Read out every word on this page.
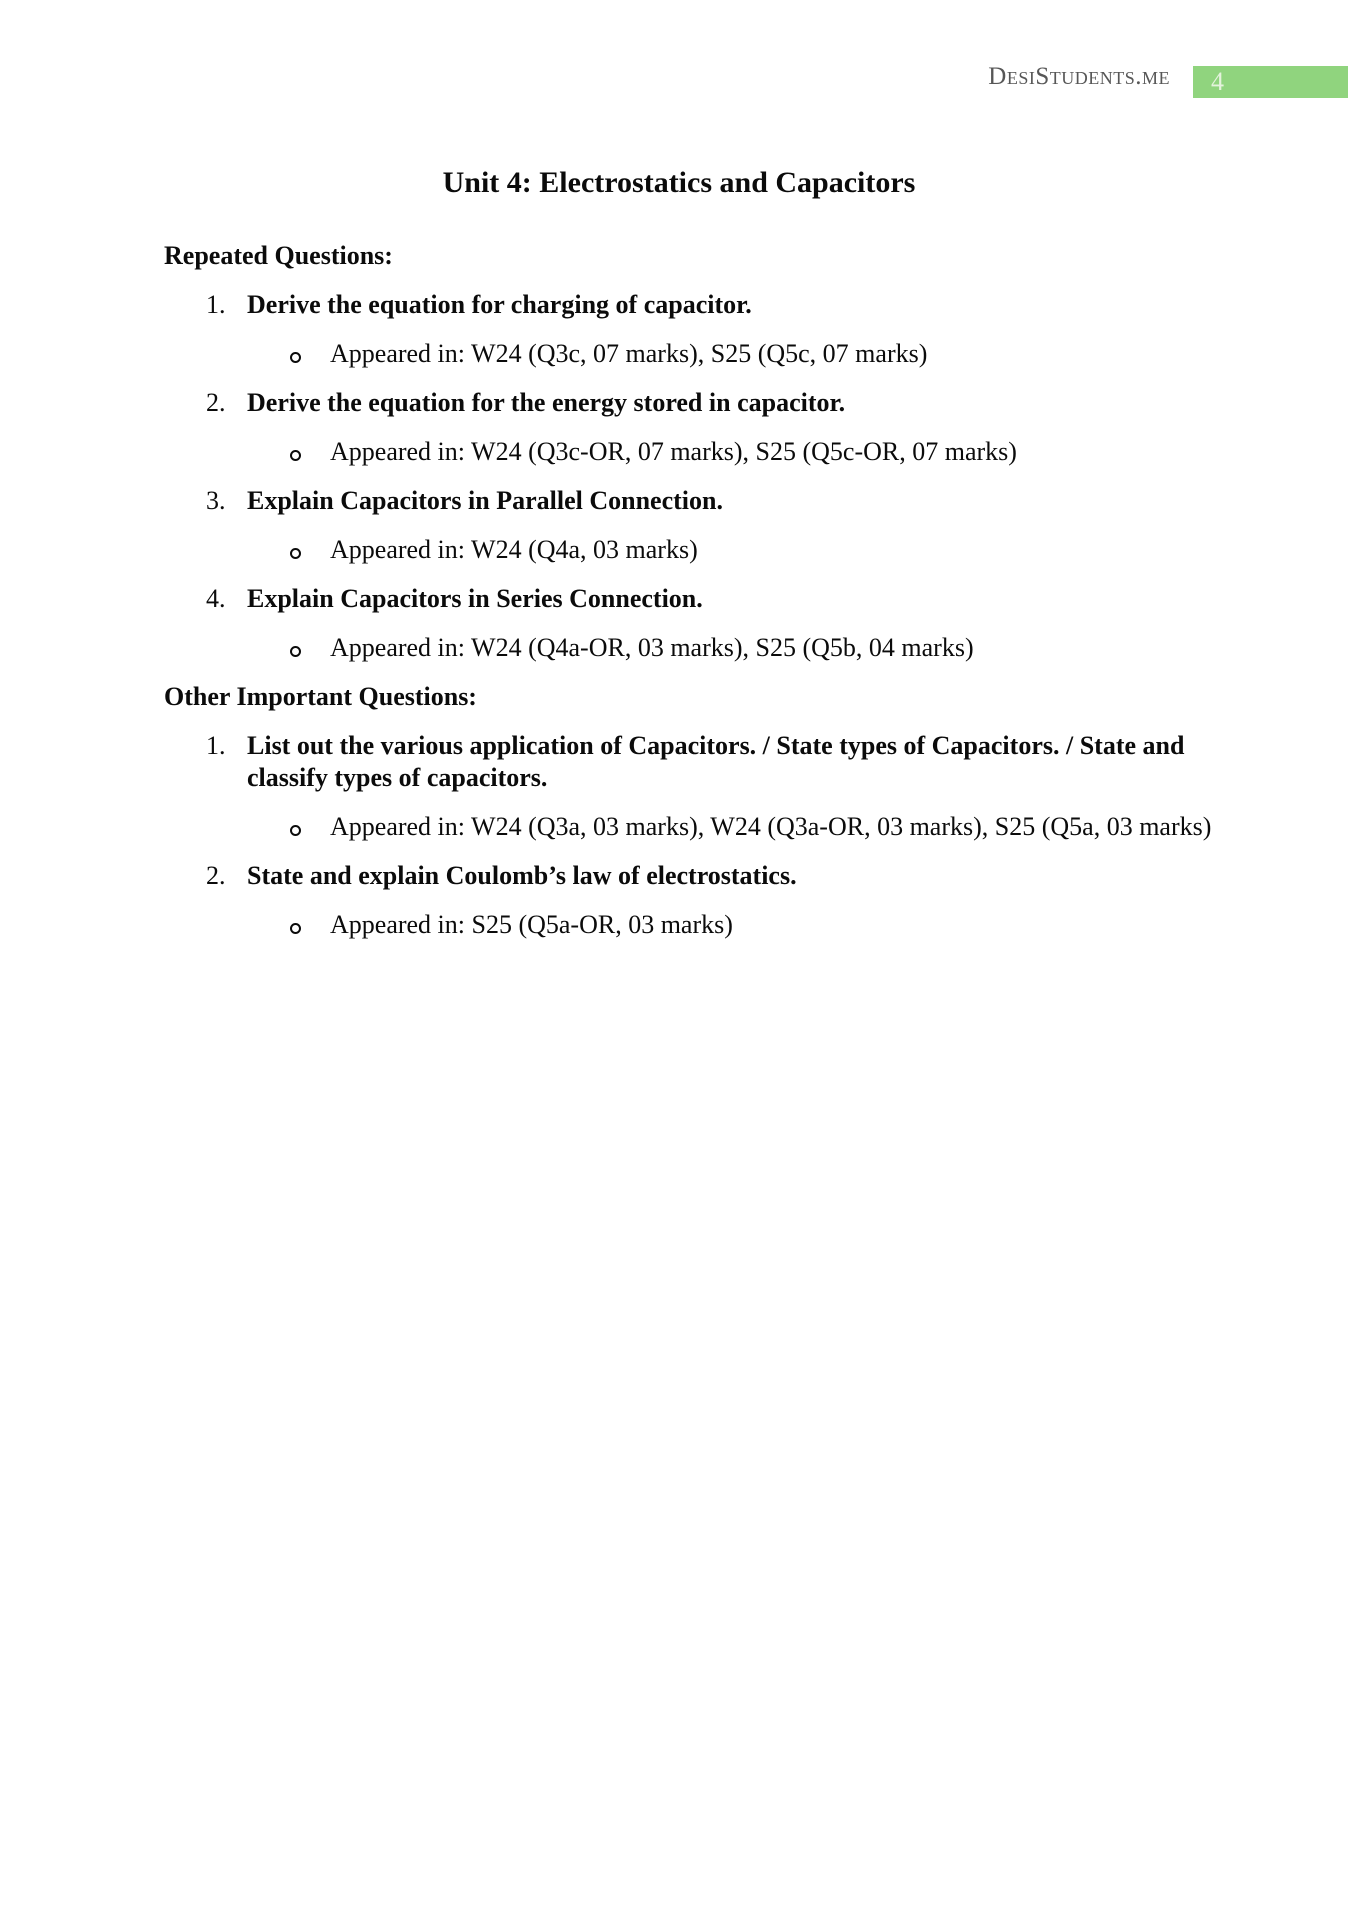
DesiStudents.me	4
Unit 4: Electrostatics and Capacitors
Repeated Questions:
1. Derive the equation for charging of capacitor.
Appeared in: W24 (Q3c, 07 marks), S25 (Q5c, 07 marks)
2. Derive the equation for the energy stored in capacitor.
Appeared in: W24 (Q3c-OR, 07 marks), S25 (Q5c-OR, 07 marks)
3. Explain Capacitors in Parallel Connection.
Appeared in: W24 (Q4a, 03 marks)
4. Explain Capacitors in Series Connection.
Appeared in: W24 (Q4a-OR, 03 marks), S25 (Q5b, 04 marks)
Other Important Questions:
1. List out the various application of Capacitors. / State types of Capacitors. / State and classify types of capacitors.
Appeared in: W24 (Q3a, 03 marks), W24 (Q3a-OR, 03 marks), S25 (Q5a, 03 marks)
2. State and explain Coulomb’s law of electrostatics.
Appeared in: S25 (Q5a-OR, 03 marks)
